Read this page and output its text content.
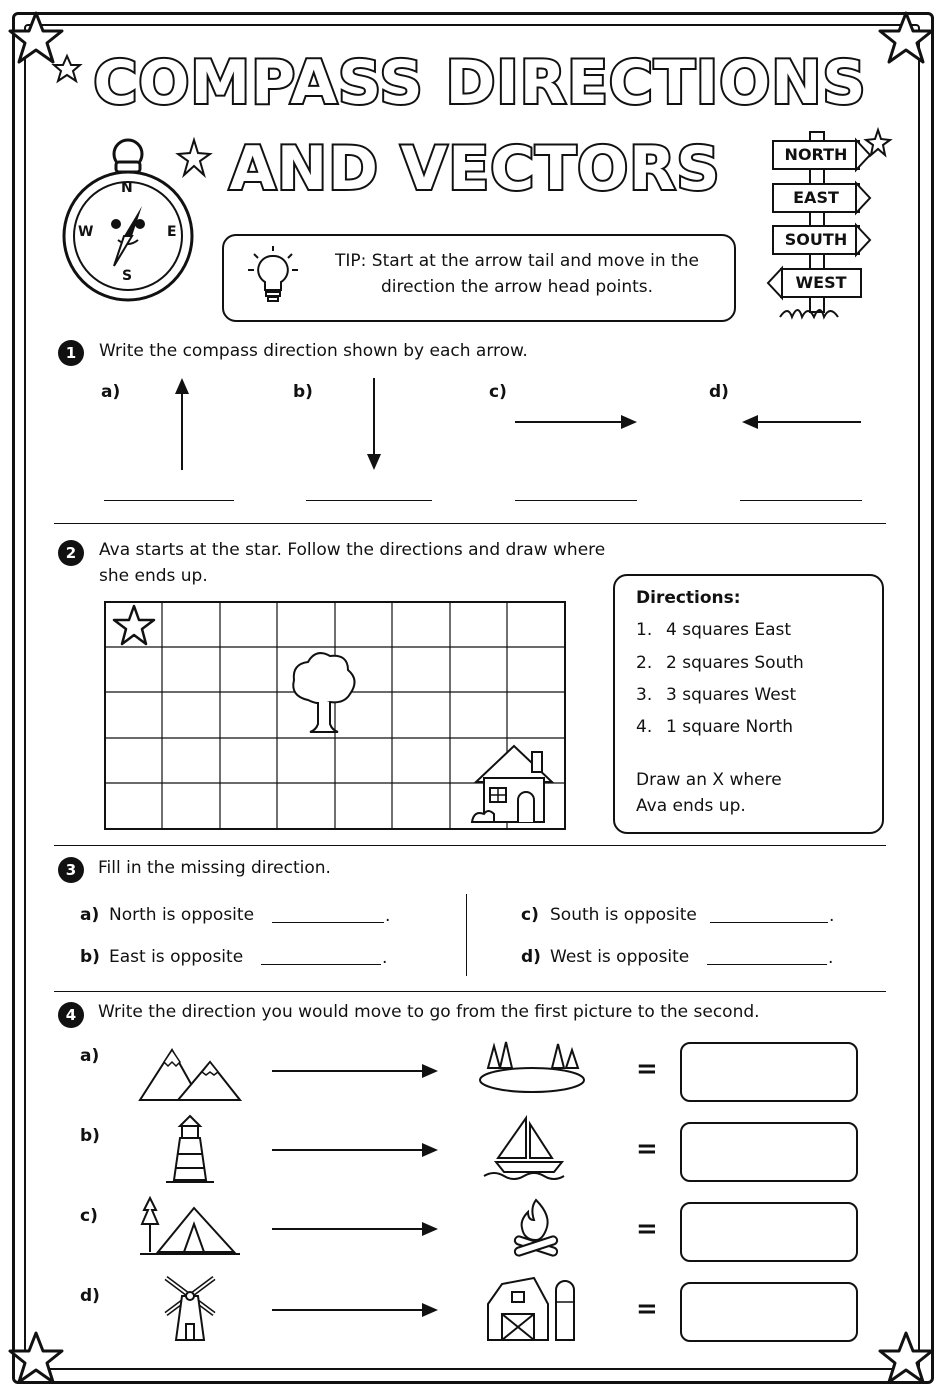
COMPASS DIRECTIONS
AND VECTORS
N
E
S
W
NORTH
EAST
SOUTH
WEST
TIP: Start at the arrow tail and move in the
direction the arrow head points.
1	Write the compass direction shown by each arrow.
a)	b)	c)	d)
2	Ava starts at the star. Follow the directions and draw where
she ends up.
Directions:
1. 4 squares East
2. 2 squares South
3. 3 squares West
4. 1 square North
Draw an X where
Ava ends up.
3	Fill in the missing direction.
a) North is opposite	.
b) East is opposite	.
c) South is opposite	.
d) West is opposite	.
4	Write the direction you would move to go from the first picture to the second.
a)	=
b)	=
c)	=
d)	=
